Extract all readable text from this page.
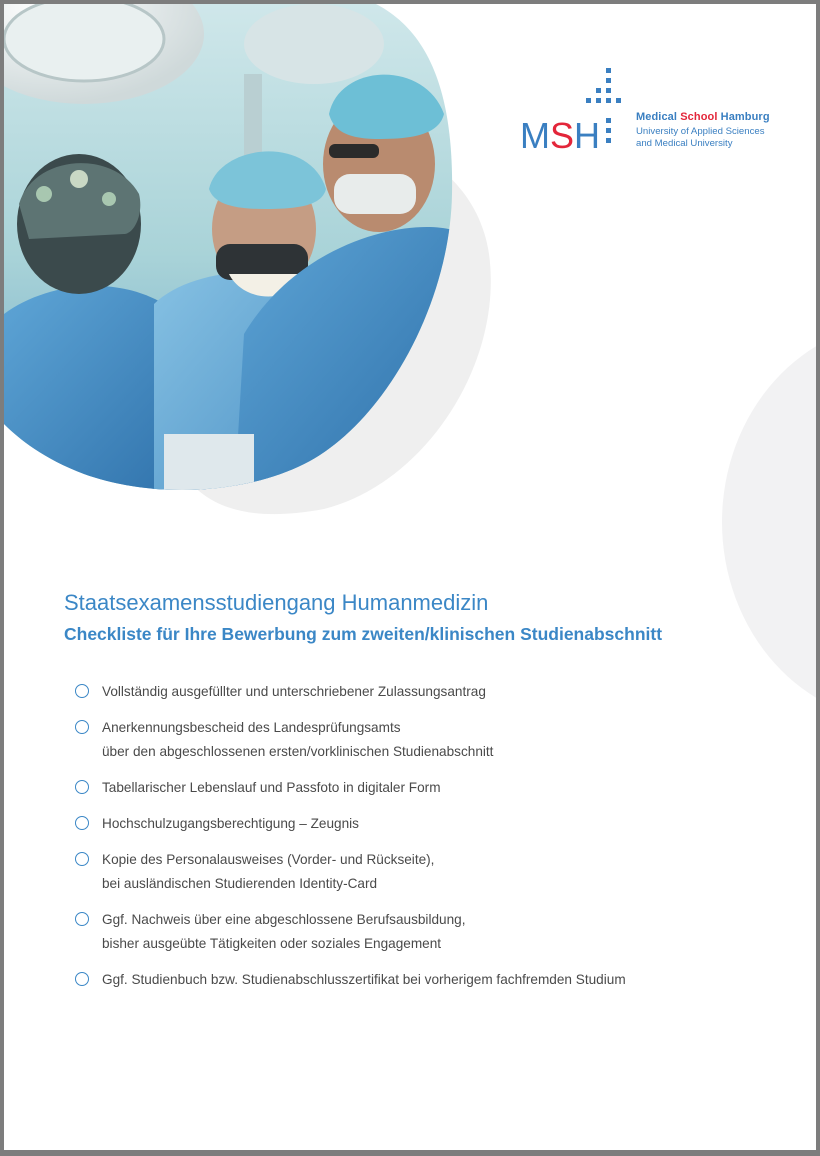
M S H	Medical School Hamburg
University of Applied Sciences
and Medical University
Staatsexamensstudiengang Humanmedizin
Checkliste für Ihre Bewerbung zum zweiten/klinischen Studienabschnitt
Vollständig ausgefüllter und unterschriebener Zulassungsantrag
Anerkennungsbescheid des Landesprüfungsamts
über den abgeschlossenen ersten/vorklinischen Studienabschnitt
Tabellarischer Lebenslauf und Passfoto in digitaler Form
Hochschulzugangsberechtigung – Zeugnis
Kopie des Personalausweises (Vorder- und Rückseite),
bei ausländischen Studierenden Identity-Card
Ggf. Nachweis über eine abgeschlossene Berufsausbildung,
bisher ausgeübte Tätigkeiten oder soziales Engagement
Ggf. Studienbuch bzw. Studienabschlusszertifikat bei vorherigem fachfremden Studium
